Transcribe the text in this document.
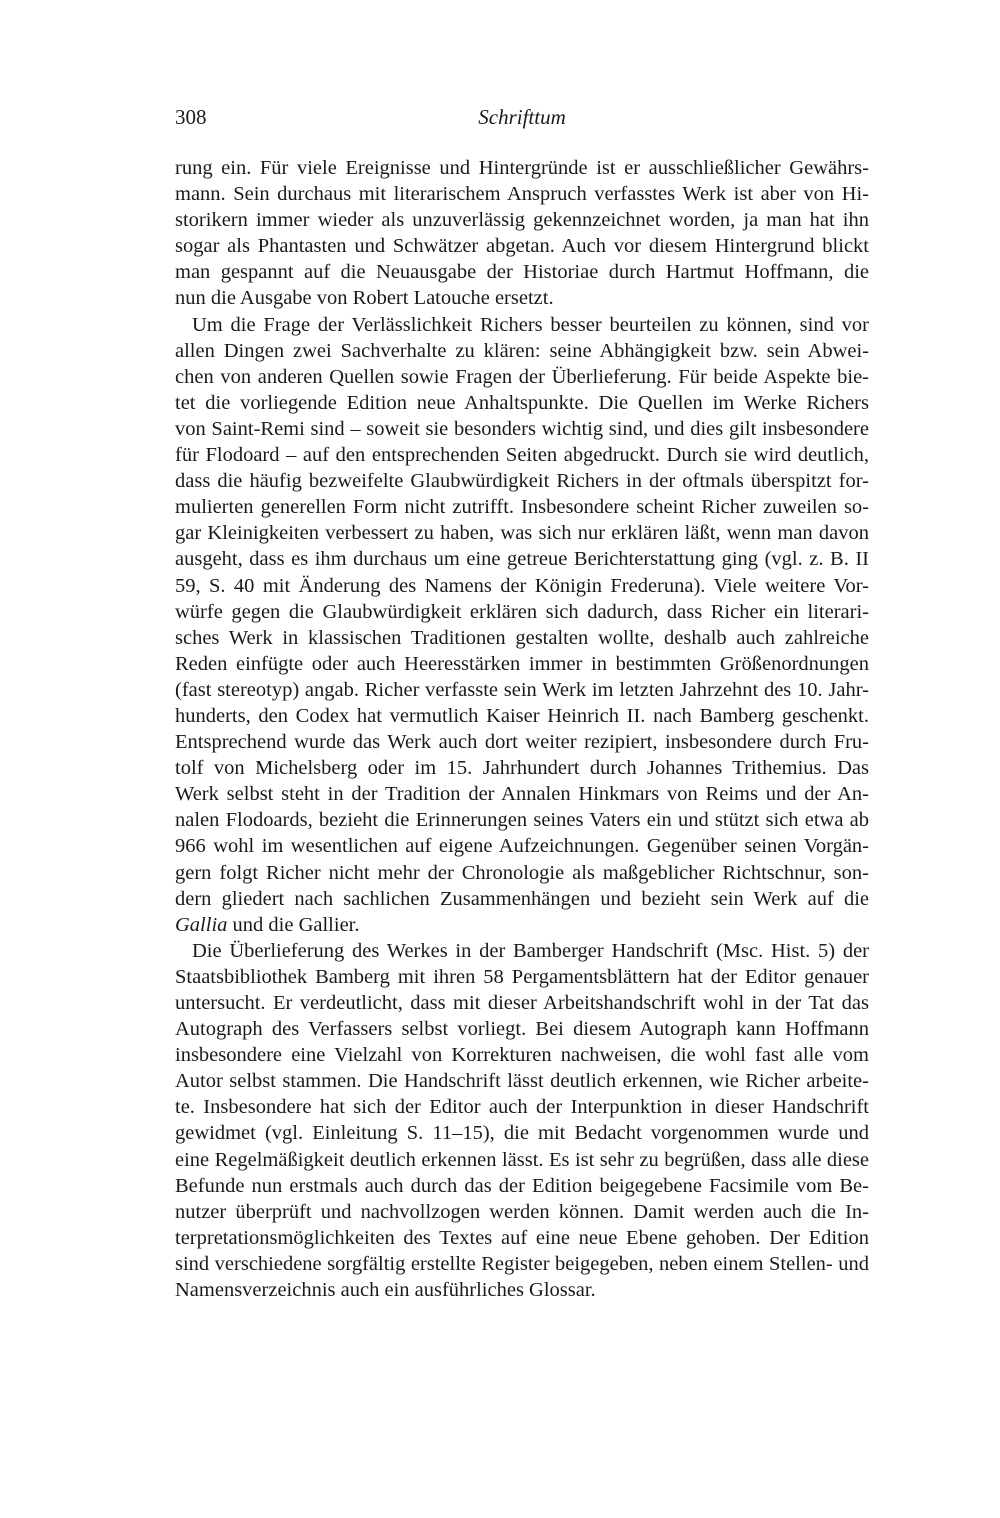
308	Schrifttum
rung ein. Für viele Ereignisse und Hintergründe ist er ausschließlicher Gewährs-
mann. Sein durchaus mit literarischem Anspruch verfasstes Werk ist aber von Hi-
storikern immer wieder als unzuverlässig gekennzeichnet worden, ja man hat ihn
sogar als Phantasten und Schwätzer abgetan. Auch vor diesem Hintergrund blickt
man gespannt auf die Neuausgabe der Historiae durch Hartmut Hoffmann, die
nun die Ausgabe von Robert Latouche ersetzt.
Um die Frage der Verlässlichkeit Richers besser beurteilen zu können, sind vor
allen Dingen zwei Sachverhalte zu klären: seine Abhängigkeit bzw. sein Abwei-
chen von anderen Quellen sowie Fragen der Überlieferung. Für beide Aspekte bie-
tet die vorliegende Edition neue Anhaltspunkte. Die Quellen im Werke Richers
von Saint-Remi sind – soweit sie besonders wichtig sind, und dies gilt insbesondere
für Flodoard – auf den entsprechenden Seiten abgedruckt. Durch sie wird deutlich,
dass die häufig bezweifelte Glaubwürdigkeit Richers in der oftmals überspitzt for-
mulierten generellen Form nicht zutrifft. Insbesondere scheint Richer zuweilen so-
gar Kleinigkeiten verbessert zu haben, was sich nur erklären läßt, wenn man davon
ausgeht, dass es ihm durchaus um eine getreue Berichterstattung ging (vgl. z. B. II
59, S. 40 mit Änderung des Namens der Königin Frederuna). Viele weitere Vor-
würfe gegen die Glaubwürdigkeit erklären sich dadurch, dass Richer ein literari-
sches Werk in klassischen Traditionen gestalten wollte, deshalb auch zahlreiche
Reden einfügte oder auch Heeresstärken immer in bestimmten Größenordnungen
(fast stereotyp) angab. Richer verfasste sein Werk im letzten Jahrzehnt des 10. Jahr-
hunderts, den Codex hat vermutlich Kaiser Heinrich II. nach Bamberg geschenkt.
Entsprechend wurde das Werk auch dort weiter rezipiert, insbesondere durch Fru-
tolf von Michelsberg oder im 15. Jahrhundert durch Johannes Trithemius. Das
Werk selbst steht in der Tradition der Annalen Hinkmars von Reims und der An-
nalen Flodoards, bezieht die Erinnerungen seines Vaters ein und stützt sich etwa ab
966 wohl im wesentlichen auf eigene Aufzeichnungen. Gegenüber seinen Vorgän-
gern folgt Richer nicht mehr der Chronologie als maßgeblicher Richtschnur, son-
dern gliedert nach sachlichen Zusammenhängen und bezieht sein Werk auf die
Gallia und die Gallier.
Die Überlieferung des Werkes in der Bamberger Handschrift (Msc. Hist. 5) der
Staatsbibliothek Bamberg mit ihren 58 Pergamentsblättern hat der Editor genauer
untersucht. Er verdeutlicht, dass mit dieser Arbeitshandschrift wohl in der Tat das
Autograph des Verfassers selbst vorliegt. Bei diesem Autograph kann Hoffmann
insbesondere eine Vielzahl von Korrekturen nachweisen, die wohl fast alle vom
Autor selbst stammen. Die Handschrift lässt deutlich erkennen, wie Richer arbeite-
te. Insbesondere hat sich der Editor auch der Interpunktion in dieser Handschrift
gewidmet (vgl. Einleitung S. 11–15), die mit Bedacht vorgenommen wurde und
eine Regelmäßigkeit deutlich erkennen lässt. Es ist sehr zu begrüßen, dass alle diese
Befunde nun erstmals auch durch das der Edition beigegebene Facsimile vom Be-
nutzer überprüft und nachvollzogen werden können. Damit werden auch die In-
terpretationsmöglichkeiten des Textes auf eine neue Ebene gehoben. Der Edition
sind verschiedene sorgfältig erstellte Register beigegeben, neben einem Stellen- und
Namensverzeichnis auch ein ausführliches Glossar.
